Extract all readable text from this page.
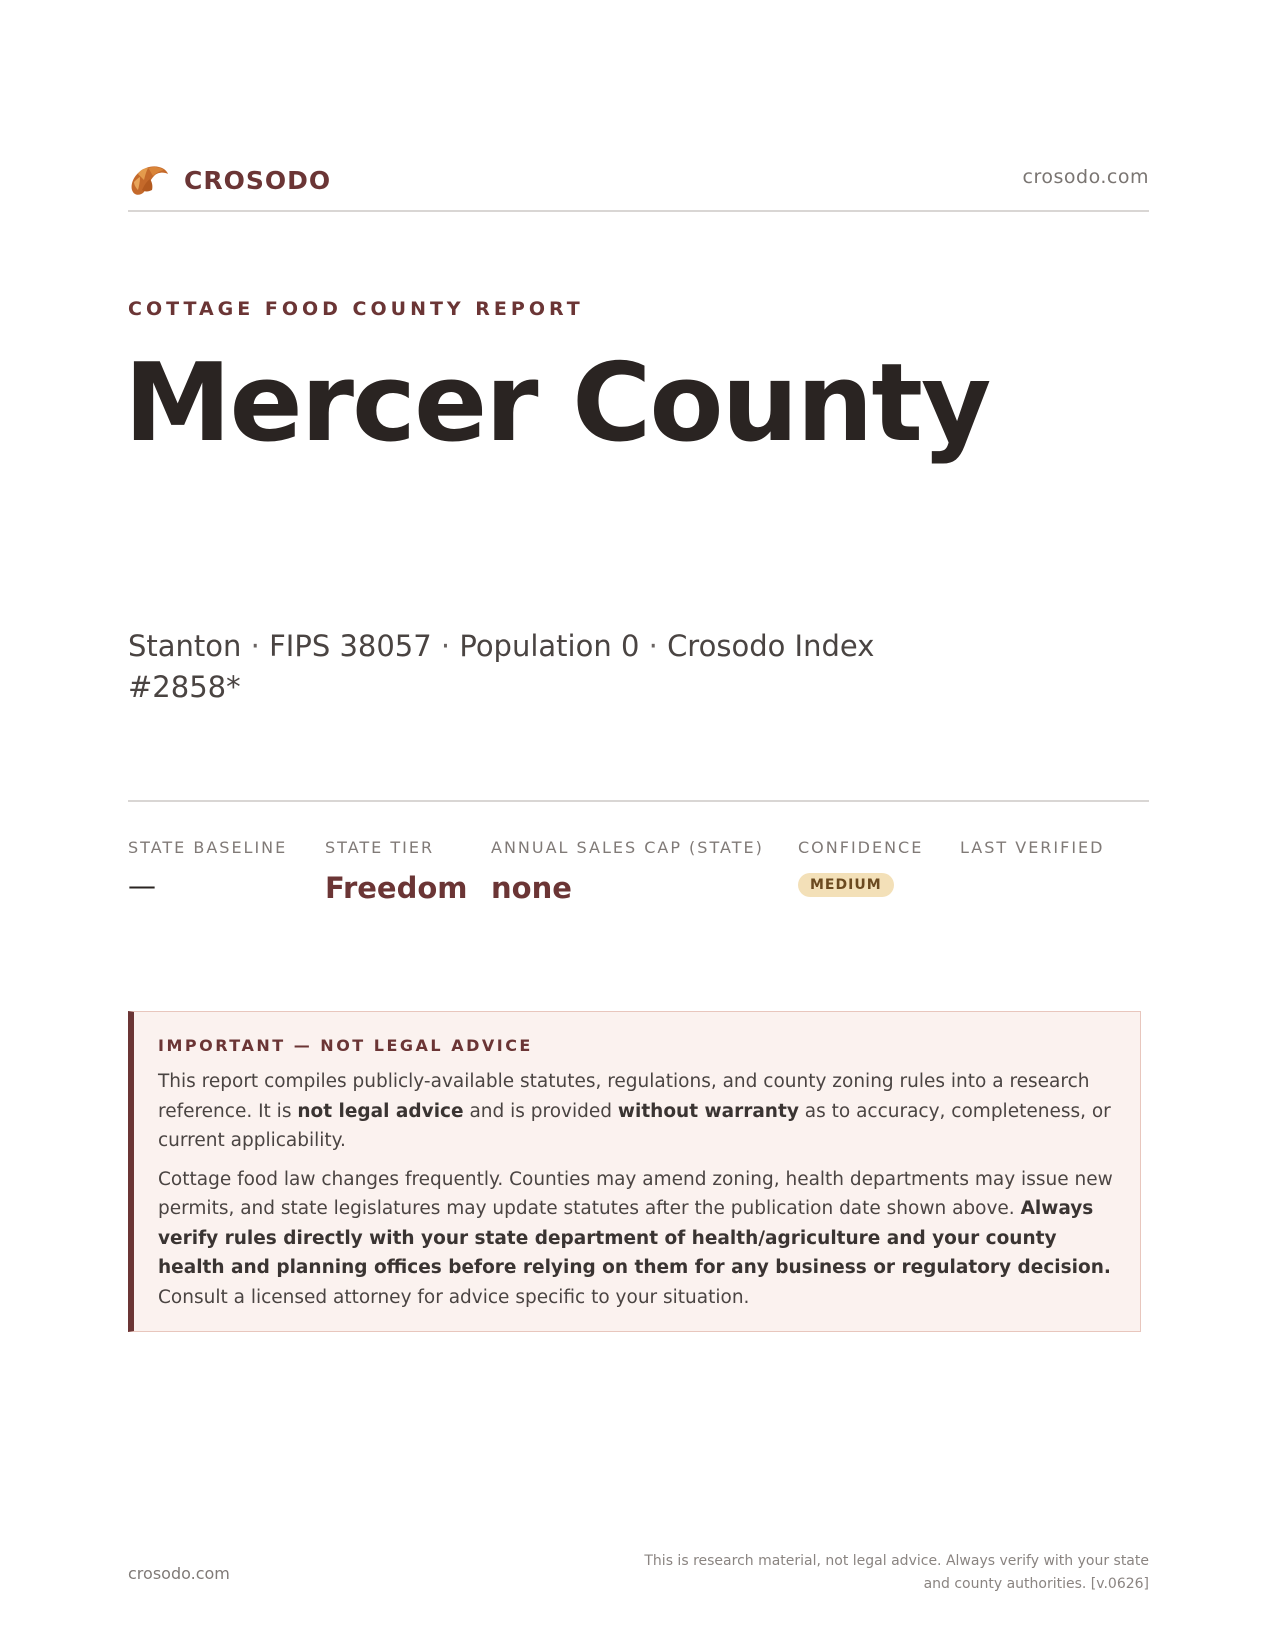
CROSODO	crosodo.com
COTTAGE FOOD COUNTY REPORT
Mercer County
Stanton · FIPS 38057 · Population 0 · Crosodo Index #2858*
STATE BASELINE
—
STATE TIER
Freedom
ANNUAL SALES CAP (STATE)
none
CONFIDENCE
MEDIUM
LAST VERIFIED
IMPORTANT — NOT LEGAL ADVICE

This report compiles publicly-available statutes, regulations, and county zoning rules into a research reference. It is not legal advice and is provided without warranty as to accuracy, completeness, or current applicability.

Cottage food law changes frequently. Counties may amend zoning, health departments may issue new permits, and state legislatures may update statutes after the publication date shown above. Always verify rules directly with your state department of health/agriculture and your county health and planning offices before relying on them for any business or regulatory decision. Consult a licensed attorney for advice specific to your situation.

crosodo.com
This is research material, not legal advice. Always verify with your state
and county authorities. [v.0626]
